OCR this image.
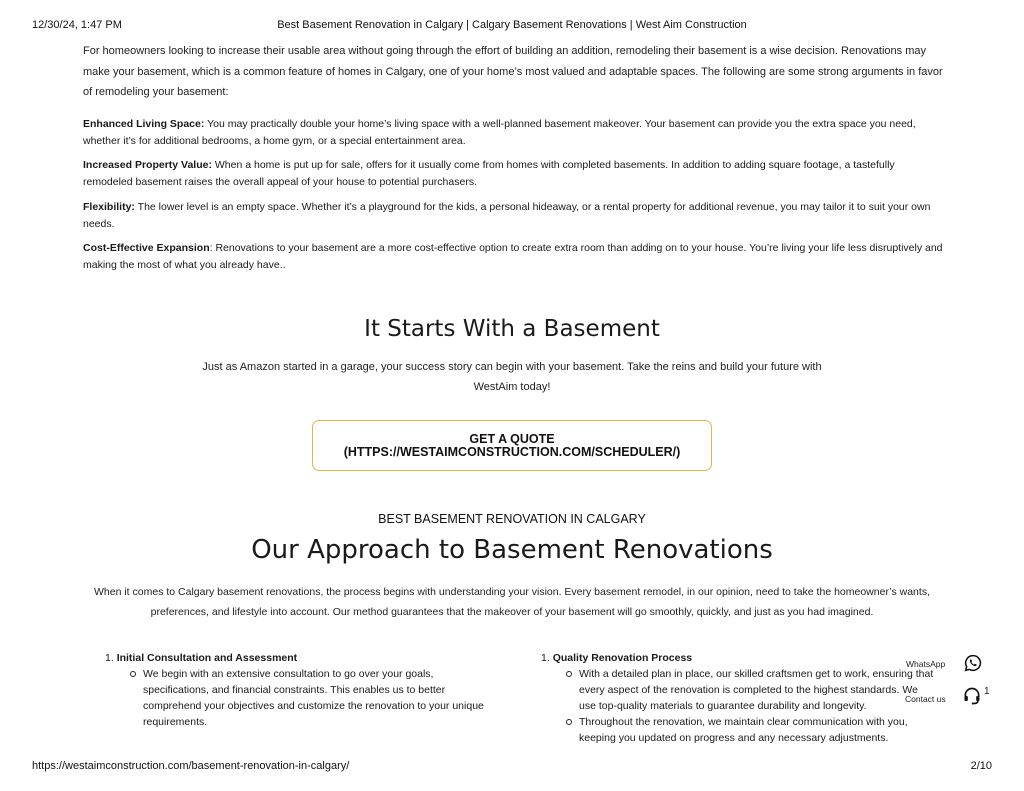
12/30/24, 1:47 PM	Best Basement Renovation in Calgary | Calgary Basement Renovations | West Aim Construction

For homeowners looking to increase their usable area without going through the effort of building an addition, remodeling their basement is a wise decision. Renovations may make your basement, which is a common feature of homes in Calgary, one of your home’s most valued and adaptable spaces. The following are some strong arguments in favor of remodeling your basement:

Enhanced Living Space: You may practically double your home’s living space with a well-planned basement makeover. Your basement can provide you the extra space you need, whether it’s for additional bedrooms, a home gym, or a special entertainment area.

Increased Property Value: When a home is put up for sale, offers for it usually come from homes with completed basements. In addition to adding square footage, a tastefully remodeled basement raises the overall appeal of your house to potential purchasers.

Flexibility: The lower level is an empty space. Whether it’s a playground for the kids, a personal hideaway, or a rental property for additional revenue, you may tailor it to suit your own needs.

Cost-Effective Expansion: Renovations to your basement are a more cost-effective option to create extra room than adding on to your house. You’re living your life less disruptively and making the most of what you already have..

It Starts With a Basement
Just as Amazon started in a garage, your success story can begin with your basement. Take the reins and build your future with WestAim today!
GET A QUOTE
(HTTPS://WESTAIMCONSTRUCTION.COM/SCHEDULER/)
BEST BASEMENT RENOVATION IN CALGARY
Our Approach to Basement Renovations
When it comes to Calgary basement renovations, the process begins with understanding your vision. Every basement remodel, in our opinion, need to take the homeowner’s wants, preferences, and lifestyle into account. Our method guarantees that the makeover of your basement will go smoothly, quickly, and just as you had imagined.
1. Initial Consultation and Assessment
We begin with an extensive consultation to go over your goals, specifications, and financial constraints. This enables us to better comprehend your objectives and customize the renovation to your unique requirements.
1. Quality Renovation Process
With a detailed plan in place, our skilled craftsmen get to work, ensuring that every aspect of the renovation is completed to the highest standards. We use top-quality materials to guarantee durability and longevity.
Throughout the renovation, we maintain clear communication with you, keeping you updated on progress and any necessary adjustments.
WhatsApp
Contact us
1
https://westaimconstruction.com/basement-renovation-in-calgary/	2/10
